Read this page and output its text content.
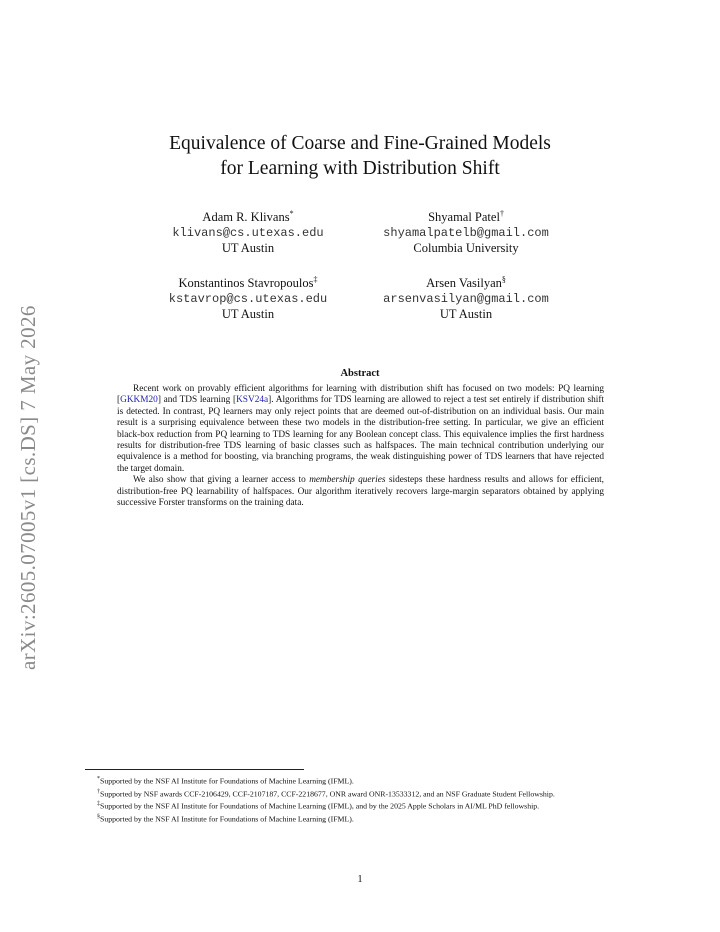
arXiv:2605.07005v1 [cs.DS] 7 May 2026
Equivalence of Coarse and Fine-Grained Models
for Learning with Distribution Shift
Adam R. Klivans*
klivans@cs.utexas.edu
UT Austin
Shyamal Patel†
shyamalpatelb@gmail.com
Columbia University
Konstantinos Stavropoulos‡
kstavrop@cs.utexas.edu
UT Austin
Arsen Vasilyan§
arsenvasilyan@gmail.com
UT Austin
Abstract

Recent work on provably efficient algorithms for learning with distribution shift has focused on two models: PQ learning [GKKM20] and TDS learning [KSV24a]. Algorithms for TDS learning are allowed to reject a test set entirely if distribution shift is detected. In contrast, PQ learners may only reject points that are deemed out-of-distribution on an individual basis. Our main result is a surprising equivalence between these two models in the distribution-free setting. In particular, we give an efficient black-box reduction from PQ learning to TDS learning for any Boolean concept class. This equivalence implies the first hardness results for distribution-free TDS learning of basic classes such as halfspaces. The main technical contribution underlying our equivalence is a method for boosting, via branching programs, the weak distinguishing power of TDS learners that have rejected the target domain.

We also show that giving a learner access to membership queries sidesteps these hardness results and allows for efficient, distribution-free PQ learnability of halfspaces. Our algorithm iteratively recovers large-margin separators obtained by applying successive Forster transforms on the training data.

*Supported by the NSF AI Institute for Foundations of Machine Learning (IFML).

†Supported by NSF awards CCF-2106429, CCF-2107187, CCF-2218677, ONR award ONR-13533312, and an NSF Graduate Student Fellowship.

‡Supported by the NSF AI Institute for Foundations of Machine Learning (IFML), and by the 2025 Apple Scholars in AI/ML PhD fellowship.

§Supported by the NSF AI Institute for Foundations of Machine Learning (IFML).

1
